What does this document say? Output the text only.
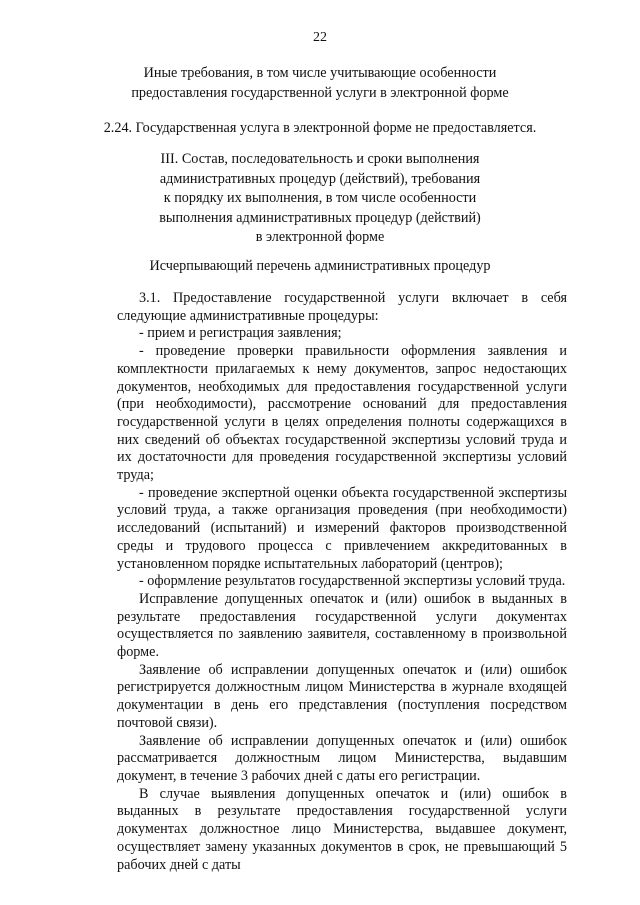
22
Иные требования, в том числе учитывающие особенности
предоставления государственной услуги в электронной форме
2.24. Государственная услуга в электронной форме не предоставляется.
III. Состав, последовательность и сроки выполнения
административных процедур (действий), требования
к порядку их выполнения, в том числе особенности
выполнения административных процедур (действий)
в электронной форме
Исчерпывающий перечень административных процедур

3.1. Предоставление государственной услуги включает в себя следующие административные процедуры:

- прием и регистрация заявления;

- проведение проверки правильности оформления заявления и комплектности прилагаемых к нему документов, запрос недостающих документов, необходимых для предоставления государственной услуги (при необходимости), рассмотрение оснований для предоставления государственной услуги в целях определения полноты содержащихся в них сведений об объектах государственной экспертизы условий труда и их достаточности для проведения государственной экспертизы условий труда;

- проведение экспертной оценки объекта государственной экспертизы условий труда, а также организация проведения (при необходимости) исследований (испытаний) и измерений факторов производственной среды и трудового процесса с привлечением аккредитованных в установленном порядке испытательных лабораторий (центров);

- оформление результатов государственной экспертизы условий труда.

Исправление допущенных опечаток и (или) ошибок в выданных в результате предоставления государственной услуги документах осуществляется по заявлению заявителя, составленному в произвольной форме.

Заявление об исправлении допущенных опечаток и (или) ошибок регистрируется должностным лицом Министерства в журнале входящей документации в день его представления (поступления посредством почтовой связи).

Заявление об исправлении допущенных опечаток и (или) ошибок рассматривается должностным лицом Министерства, выдавшим документ, в течение 3 рабочих дней с даты его регистрации.

В случае выявления допущенных опечаток и (или) ошибок в выданных в результате предоставления государственной услуги документах должностное лицо Министерства, выдавшее документ, осуществляет замену указанных документов в срок, не превышающий 5 рабочих дней с даты
